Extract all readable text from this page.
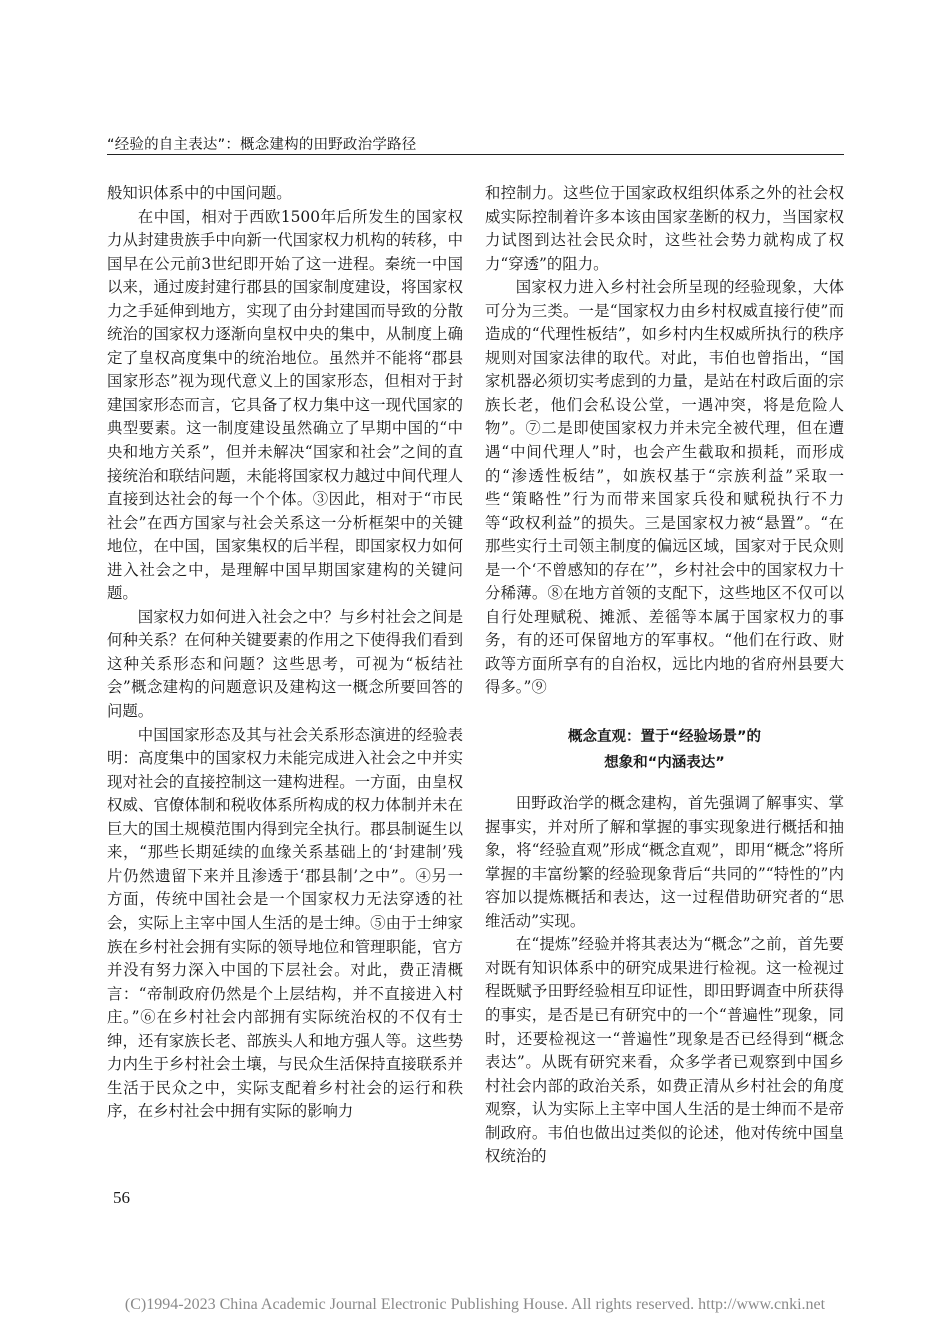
“经验的自主表达”：概念建构的田野政治学路径

般知识体系中的中国问题。

在中国，相对于西欧1500年后所发生的国家权力从封建贵族手中向新一代国家权力机构的转移，中国早在公元前3世纪即开始了这一进程。秦统一中国以来，通过废封建行郡县的国家制度建设，将国家权力之手延伸到地方，实现了由分封建国而导致的分散统治的国家权力逐渐向皇权中央的集中，从制度上确定了皇权高度集中的统治地位。虽然并不能将“郡县国家形态”视为现代意义上的国家形态，但相对于封建国家形态而言，它具备了权力集中这一现代国家的典型要素。这一制度建设虽然确立了早期中国的“中央和地方关系”，但并未解决“国家和社会”之间的直接统治和联结问题，未能将国家权力越过中间代理人直接到达社会的每一个个体。③因此，相对于“市民社会”在西方国家与社会关系这一分析框架中的关键地位，在中国，国家集权的后半程，即国家权力如何进入社会之中，是理解中国早期国家建构的关键问题。

国家权力如何进入社会之中？与乡村社会之间是何种关系？在何种关键要素的作用之下使得我们看到这种关系形态和问题？这些思考，可视为“板结社会”概念建构的问题意识及建构这一概念所要回答的问题。

中国国家形态及其与社会关系形态演进的经验表明：高度集中的国家权力未能完成进入社会之中并实现对社会的直接控制这一建构进程。一方面，由皇权权威、官僚体制和税收体系所构成的权力体制并未在巨大的国土规模范围内得到完全执行。郡县制诞生以来，“那些长期延续的血缘关系基础上的‘封建制’残片仍然遗留下来并且渗透于‘郡县制’之中”。④另一方面，传统中国社会是一个国家权力无法穿透的社会，实际上主宰中国人生活的是士绅。⑤由于士绅家族在乡村社会拥有实际的领导地位和管理职能，官方并没有努力深入中国的下层社会。对此，费正清概言：“帝制政府仍然是个上层结构，并不直接进入村庄。”⑥在乡村社会内部拥有实际统治权的不仅有士绅，还有家族长老、部族头人和地方强人等。这些势力内生于乡村社会土壤，与民众生活保持直接联系并生活于民众之中，实际支配着乡村社会的运行和秩序，在乡村社会中拥有实际的影响力

和控制力。这些位于国家政权组织体系之外的社会权威实际控制着许多本该由国家垄断的权力，当国家权力试图到达社会民众时，这些社会势力就构成了权力“穿透”的阻力。

国家权力进入乡村社会所呈现的经验现象，大体可分为三类。一是“国家权力由乡村权威直接行使”而造成的“代理性板结”，如乡村内生权威所执行的秩序规则对国家法律的取代。对此，韦伯也曾指出，“国家机器必须切实考虑到的力量，是站在村政后面的宗族长老，他们会私设公堂，一遇冲突，将是危险人物”。⑦二是即使国家权力并未完全被代理，但在遭遇“中间代理人”时，也会产生截取和损耗，而形成的“渗透性板结”，如族权基于“宗族利益”采取一些“策略性”行为而带来国家兵役和赋税执行不力等“政权利益”的损失。三是国家权力被“悬置”。“在那些实行土司领主制度的偏远区域，国家对于民众则是一个‘不曾感知的存在’”，乡村社会中的国家权力十分稀薄。⑧在地方首领的支配下，这些地区不仅可以自行处理赋税、摊派、差徭等本属于国家权力的事务，有的还可保留地方的军事权。“他们在行政、财政等方面所享有的自治权，远比内地的省府州县要大得多。”⑨

概念直观：置于“经验场景”的
想象和“内涵表达”

田野政治学的概念建构，首先强调了解事实、掌握事实，并对所了解和掌握的事实现象进行概括和抽象，将“经验直观”形成“概念直观”，即用“概念”将所掌握的丰富纷繁的经验现象背后“共同的”“特性的”内容加以提炼概括和表达，这一过程借助研究者的“思维活动”实现。

在“提炼”经验并将其表达为“概念”之前，首先要对既有知识体系中的研究成果进行检视。这一检视过程既赋予田野经验相互印证性，即田野调查中所获得的事实，是否是已有研究中的一个“普遍性”现象，同时，还要检视这一“普遍性”现象是否已经得到“概念表达”。从既有研究来看，众多学者已观察到中国乡村社会内部的政治关系，如费正清从乡村社会的角度观察，认为实际上主宰中国人生活的是士绅而不是帝制政府。韦伯也做出过类似的论述，他对传统中国皇权统治的

56
(C)1994-2023 China Academic Journal Electronic Publishing House. All rights reserved. http://www.cnki.net
